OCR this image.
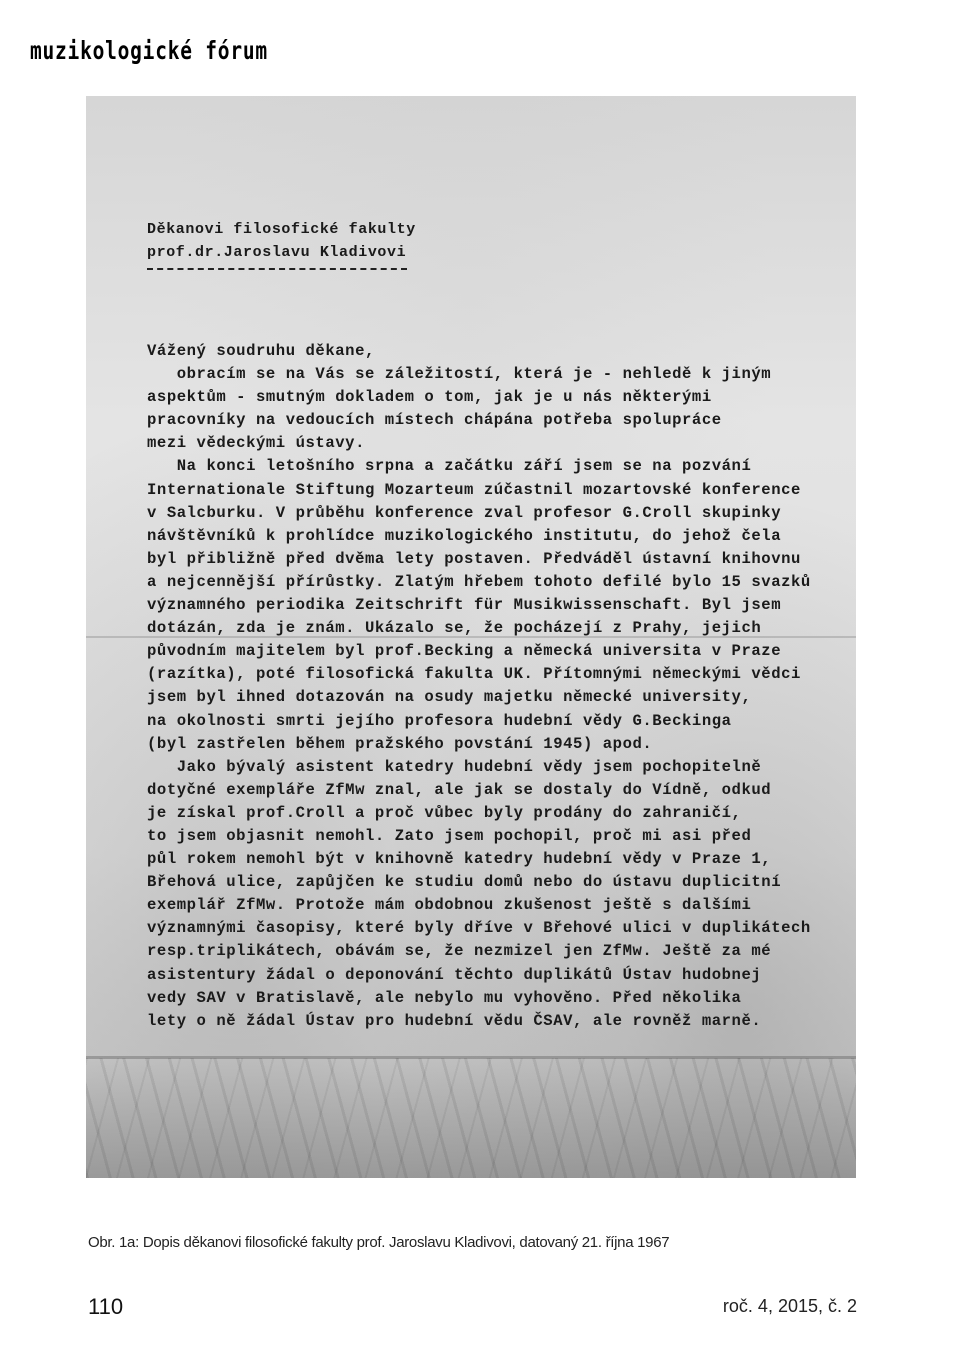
muzikologické fórum
Děkanovi filosofické fakulty
prof.dr.Jaroslavu Kladivovi
Vážený soudruhu děkane,
obracím se na Vás se záležitostí, která je - nehledě k jiným
aspektům - smutným dokladem o tom, jak je u nás některými
pracovníky na vedoucích místech chápána potřeba spolupráce
mezi vědeckými ústavy.
Na konci letošního srpna a začátku září jsem se na pozvání
Internationale Stiftung Mozarteum zúčastnil mozartovské konference
v Salcburku. V průběhu konference zval profesor G.Croll skupinky
návštěvníků k prohlídce muzikologického institutu, do jehož čela
byl přibližně před dvěma lety postaven. Předváděl ústavní knihovnu
a nejcennější přírůstky. Zlatým hřebem tohoto defilé bylo 15 svazků
významného periodika Zeitschrift für Musikwissenschaft. Byl jsem
dotázán, zda je znám. Ukázalo se, že pocházejí z Prahy, jejich
původním majitelem byl prof.Becking a německá universita v Praze
(razítka), poté filosofická fakulta UK. Přítomnými německými vědci
jsem byl ihned dotazován na osudy majetku německé university,
na okolnosti smrti jejího profesora hudební vědy G.Beckinga
(byl zastřelen během pražského povstání 1945) apod.
Jako bývalý asistent katedry hudební vědy jsem pochopitelně
dotyčné exempláře ZfMw znal, ale jak se dostaly do Vídně, odkud
je získal prof.Croll a proč vůbec byly prodány do zahraničí,
to jsem objasnit nemohl. Zato jsem pochopil, proč mi asi před
půl rokem nemohl být v knihovně katedry hudební vědy v Praze 1,
Břehová ulice, zapůjčen ke studiu domů nebo do ústavu duplicitní
exemplář ZfMw. Protože mám obdobnou zkušenost ještě s dalšími
významnými časopisy, které byly dříve v Břehové ulici v duplikátech
resp.triplikátech, obávám se, že nezmizel jen ZfMw. Ještě za mé
asistentury žádal o deponování těchto duplikátů Ústav hudobnej
vedy SAV v Bratislavě, ale nebylo mu vyhověno. Před několika
lety o ně žádal Ústav pro hudební vědu ČSAV, ale rovněž marně.
Obr. 1a: Dopis děkanovi filosofické fakulty prof. Jaroslavu Kladivovi, datovaný 21. října 1967
110	roč. 4, 2015, č. 2
